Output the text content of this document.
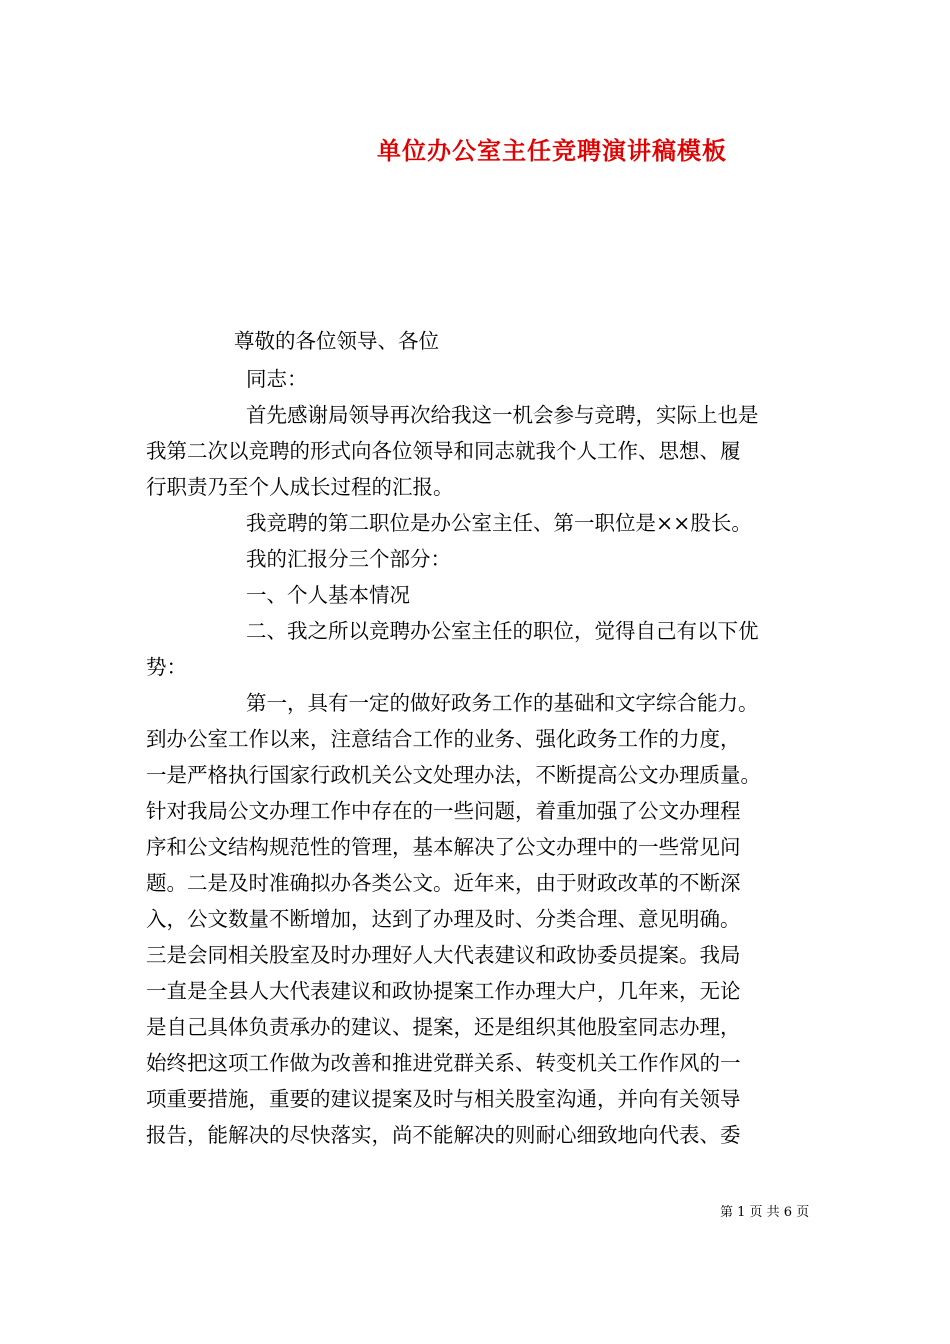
单位办公室主任竞聘演讲稿模板
尊敬的各位领导、各位
同志：
首先感谢局领导再次给我这一机会参与竞聘，实际上也是
我第二次以竞聘的形式向各位领导和同志就我个人工作、思想、履
行职责乃至个人成长过程的汇报。
我竞聘的第二职位是办公室主任、第一职位是××股长。
我的汇报分三个部分：
一、个人基本情况
二、我之所以竞聘办公室主任的职位，觉得自己有以下优
势：
第一，具有一定的做好政务工作的基础和文字综合能力。
到办公室工作以来，注意结合工作的业务、强化政务工作的力度，
一是严格执行国家行政机关公文处理办法，不断提高公文办理质量。
针对我局公文办理工作中存在的一些问题，着重加强了公文办理程
序和公文结构规范性的管理，基本解决了公文办理中的一些常见问
题。二是及时准确拟办各类公文。近年来，由于财政改革的不断深
入，公文数量不断增加，达到了办理及时、分类合理、意见明确。
三是会同相关股室及时办理好人大代表建议和政协委员提案。我局
一直是全县人大代表建议和政协提案工作办理大户，几年来，无论
是自己具体负责承办的建议、提案，还是组织其他股室同志办理，
始终把这项工作做为改善和推进党群关系、转变机关工作作风的一
项重要措施，重要的建议提案及时与相关股室沟通，并向有关领导
报告，能解决的尽快落实，尚不能解决的则耐心细致地向代表、委
第 1 页 共 6 页
